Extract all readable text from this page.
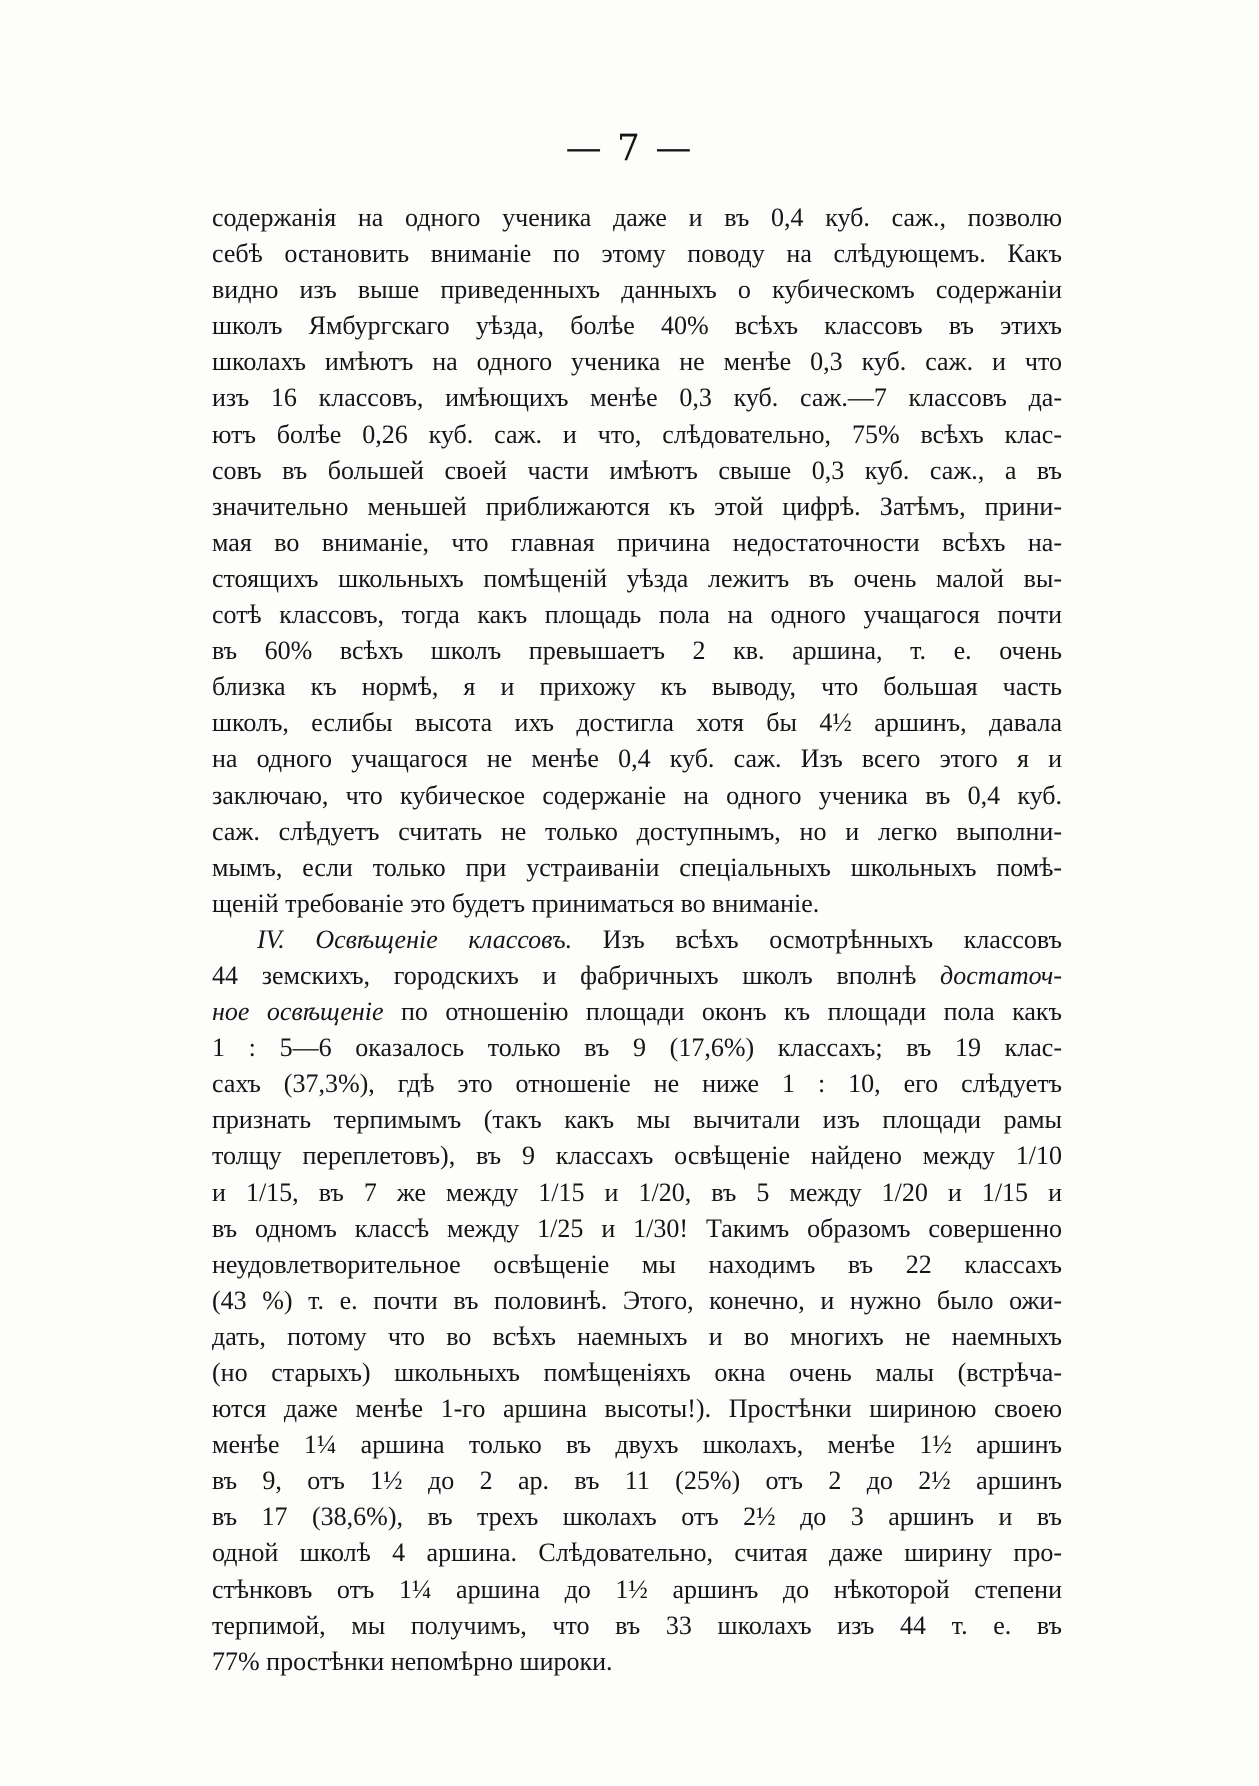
— 7 —
содержанія на одного ученика даже и въ 0,4 куб. саж., позволю
себѣ остановить вниманіе по этому поводу на слѣдующемъ. Какъ
видно изъ выше приведенныхъ данныхъ о кубическомъ содержаніи
школъ Ямбургскаго уѣзда, болѣе 40% всѣхъ классовъ въ этихъ
школахъ имѣютъ на одного ученика не менѣе 0,3 куб. саж. и что
изъ 16 классовъ, имѣющихъ менѣе 0,3 куб. саж.—7 классовъ да-
ютъ болѣе 0,26 куб. саж. и что, слѣдовательно, 75% всѣхъ клас-
совъ въ большей своей части имѣютъ свыше 0,3 куб. саж., а въ
значительно меньшей приближаются къ этой цифрѣ. Затѣмъ, прини-
мая во вниманіе, что главная причина недостаточности всѣхъ на-
стоящихъ школьныхъ помѣщеній уѣзда лежитъ въ очень малой вы-
сотѣ классовъ, тогда какъ площадь пола на одного учащагося почти
въ 60% всѣхъ школъ превышаетъ 2 кв. аршина, т. е. очень
близка къ нормѣ, я и прихожу къ выводу, что большая часть
школъ, еслибы высота ихъ достигла хотя бы 4½ аршинъ, давала
на одного учащагося не менѣе 0,4 куб. саж. Изъ всего этого я и
заключаю, что кубическое содержаніе на одного ученика въ 0,4 куб.
саж. слѣдуетъ считать не только доступнымъ, но и легко выполни-
мымъ, если только при устраиваніи спеціальныхъ школьныхъ помѣ-
щеній требованіе это будетъ приниматься во вниманіе.
IV. Освѣщеніе классовъ. Изъ всѣхъ осмотрѣнныхъ классовъ
44 земскихъ, городскихъ и фабричныхъ школъ вполнѣ достаточ-
ное освѣщеніе по отношенію площади оконъ къ площади пола какъ
1 : 5—6 оказалось только въ 9 (17,6%) классахъ; въ 19 клас-
сахъ (37,3%), гдѣ это отношеніе не ниже 1 : 10, его слѣдуетъ
признать терпимымъ (такъ какъ мы вычитали изъ площади рамы
толщу переплетовъ), въ 9 классахъ освѣщеніе найдено между 1/10
и 1/15, въ 7 же между 1/15 и 1/20, въ 5 между 1/20 и 1/15 и
въ одномъ классѣ между 1/25 и 1/30! Такимъ образомъ совершенно
неудовлетворительное освѣщеніе мы находимъ въ 22 классахъ
(43 %) т. е. почти въ половинѣ. Этого, конечно, и нужно было ожи-
дать, потому что во всѣхъ наемныхъ и во многихъ не наемныхъ
(но старыхъ) школьныхъ помѣщеніяхъ окна очень малы (встрѣча-
ются даже менѣе 1-го аршина высоты!). Простѣнки шириною своею
менѣе 1¼ аршина только въ двухъ школахъ, менѣе 1½ аршинъ
въ 9, отъ 1½ до 2 ар. въ 11 (25%) отъ 2 до 2½ аршинъ
въ 17 (38,6%), въ трехъ школахъ отъ 2½ до 3 аршинъ и въ
одной школѣ 4 аршина. Слѣдовательно, считая даже ширину про-
стѣнковъ отъ 1¼ аршина до 1½ аршинъ до нѣкоторой степени
терпимой, мы получимъ, что въ 33 школахъ изъ 44 т. е. въ
77% простѣнки непомѣрно широки.
